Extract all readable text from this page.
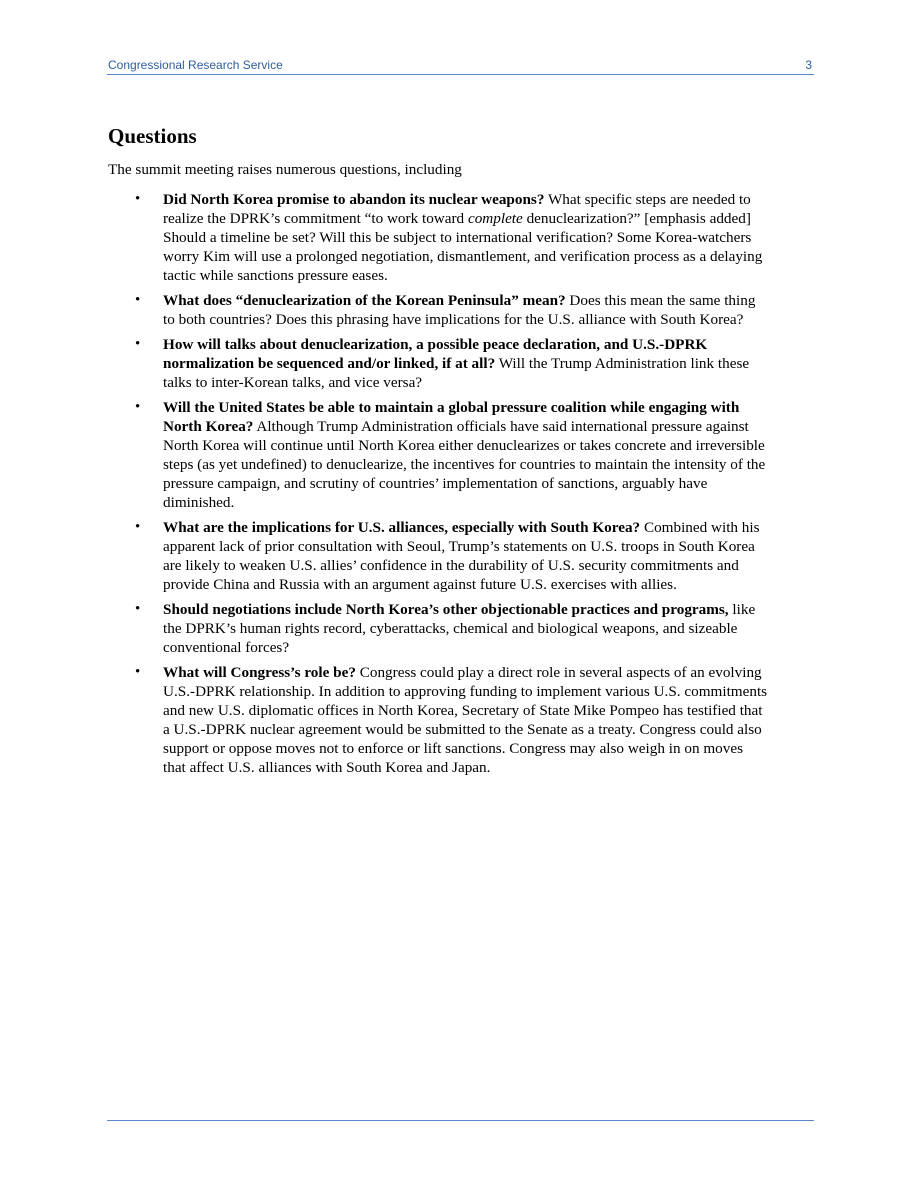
Congressional Research Service	3
Questions

The summit meeting raises numerous questions, including

• Did North Korea promise to abandon its nuclear weapons? What specific steps are needed to realize the DPRK’s commitment “to work toward complete denuclearization?” [emphasis added] Should a timeline be set? Will this be subject to international verification? Some Korea-watchers worry Kim will use a prolonged negotiation, dismantlement, and verification process as a delaying tactic while sanctions pressure eases.
• What does “denuclearization of the Korean Peninsula” mean? Does this mean the same thing to both countries? Does this phrasing have implications for the U.S. alliance with South Korea?
• How will talks about denuclearization, a possible peace declaration, and U.S.-DPRK normalization be sequenced and/or linked, if at all? Will the Trump Administration link these talks to inter-Korean talks, and vice versa?
• Will the United States be able to maintain a global pressure coalition while engaging with North Korea? Although Trump Administration officials have said international pressure against North Korea will continue until North Korea either denuclearizes or takes concrete and irreversible steps (as yet undefined) to denuclearize, the incentives for countries to maintain the intensity of the pressure campaign, and scrutiny of countries’ implementation of sanctions, arguably have diminished.
• What are the implications for U.S. alliances, especially with South Korea? Combined with his apparent lack of prior consultation with Seoul, Trump’s statements on U.S. troops in South Korea are likely to weaken U.S. allies’ confidence in the durability of U.S. security commitments and provide China and Russia with an argument against future U.S. exercises with allies.
• Should negotiations include North Korea’s other objectionable practices and programs, like the DPRK’s human rights record, cyberattacks, chemical and biological weapons, and sizeable conventional forces?
• What will Congress’s role be? Congress could play a direct role in several aspects of an evolving U.S.-DPRK relationship. In addition to approving funding to implement various U.S. commitments and new U.S. diplomatic offices in North Korea, Secretary of State Mike Pompeo has testified that a U.S.-DPRK nuclear agreement would be submitted to the Senate as a treaty. Congress could also support or oppose moves not to enforce or lift sanctions. Congress may also weigh in on moves that affect U.S. alliances with South Korea and Japan.
